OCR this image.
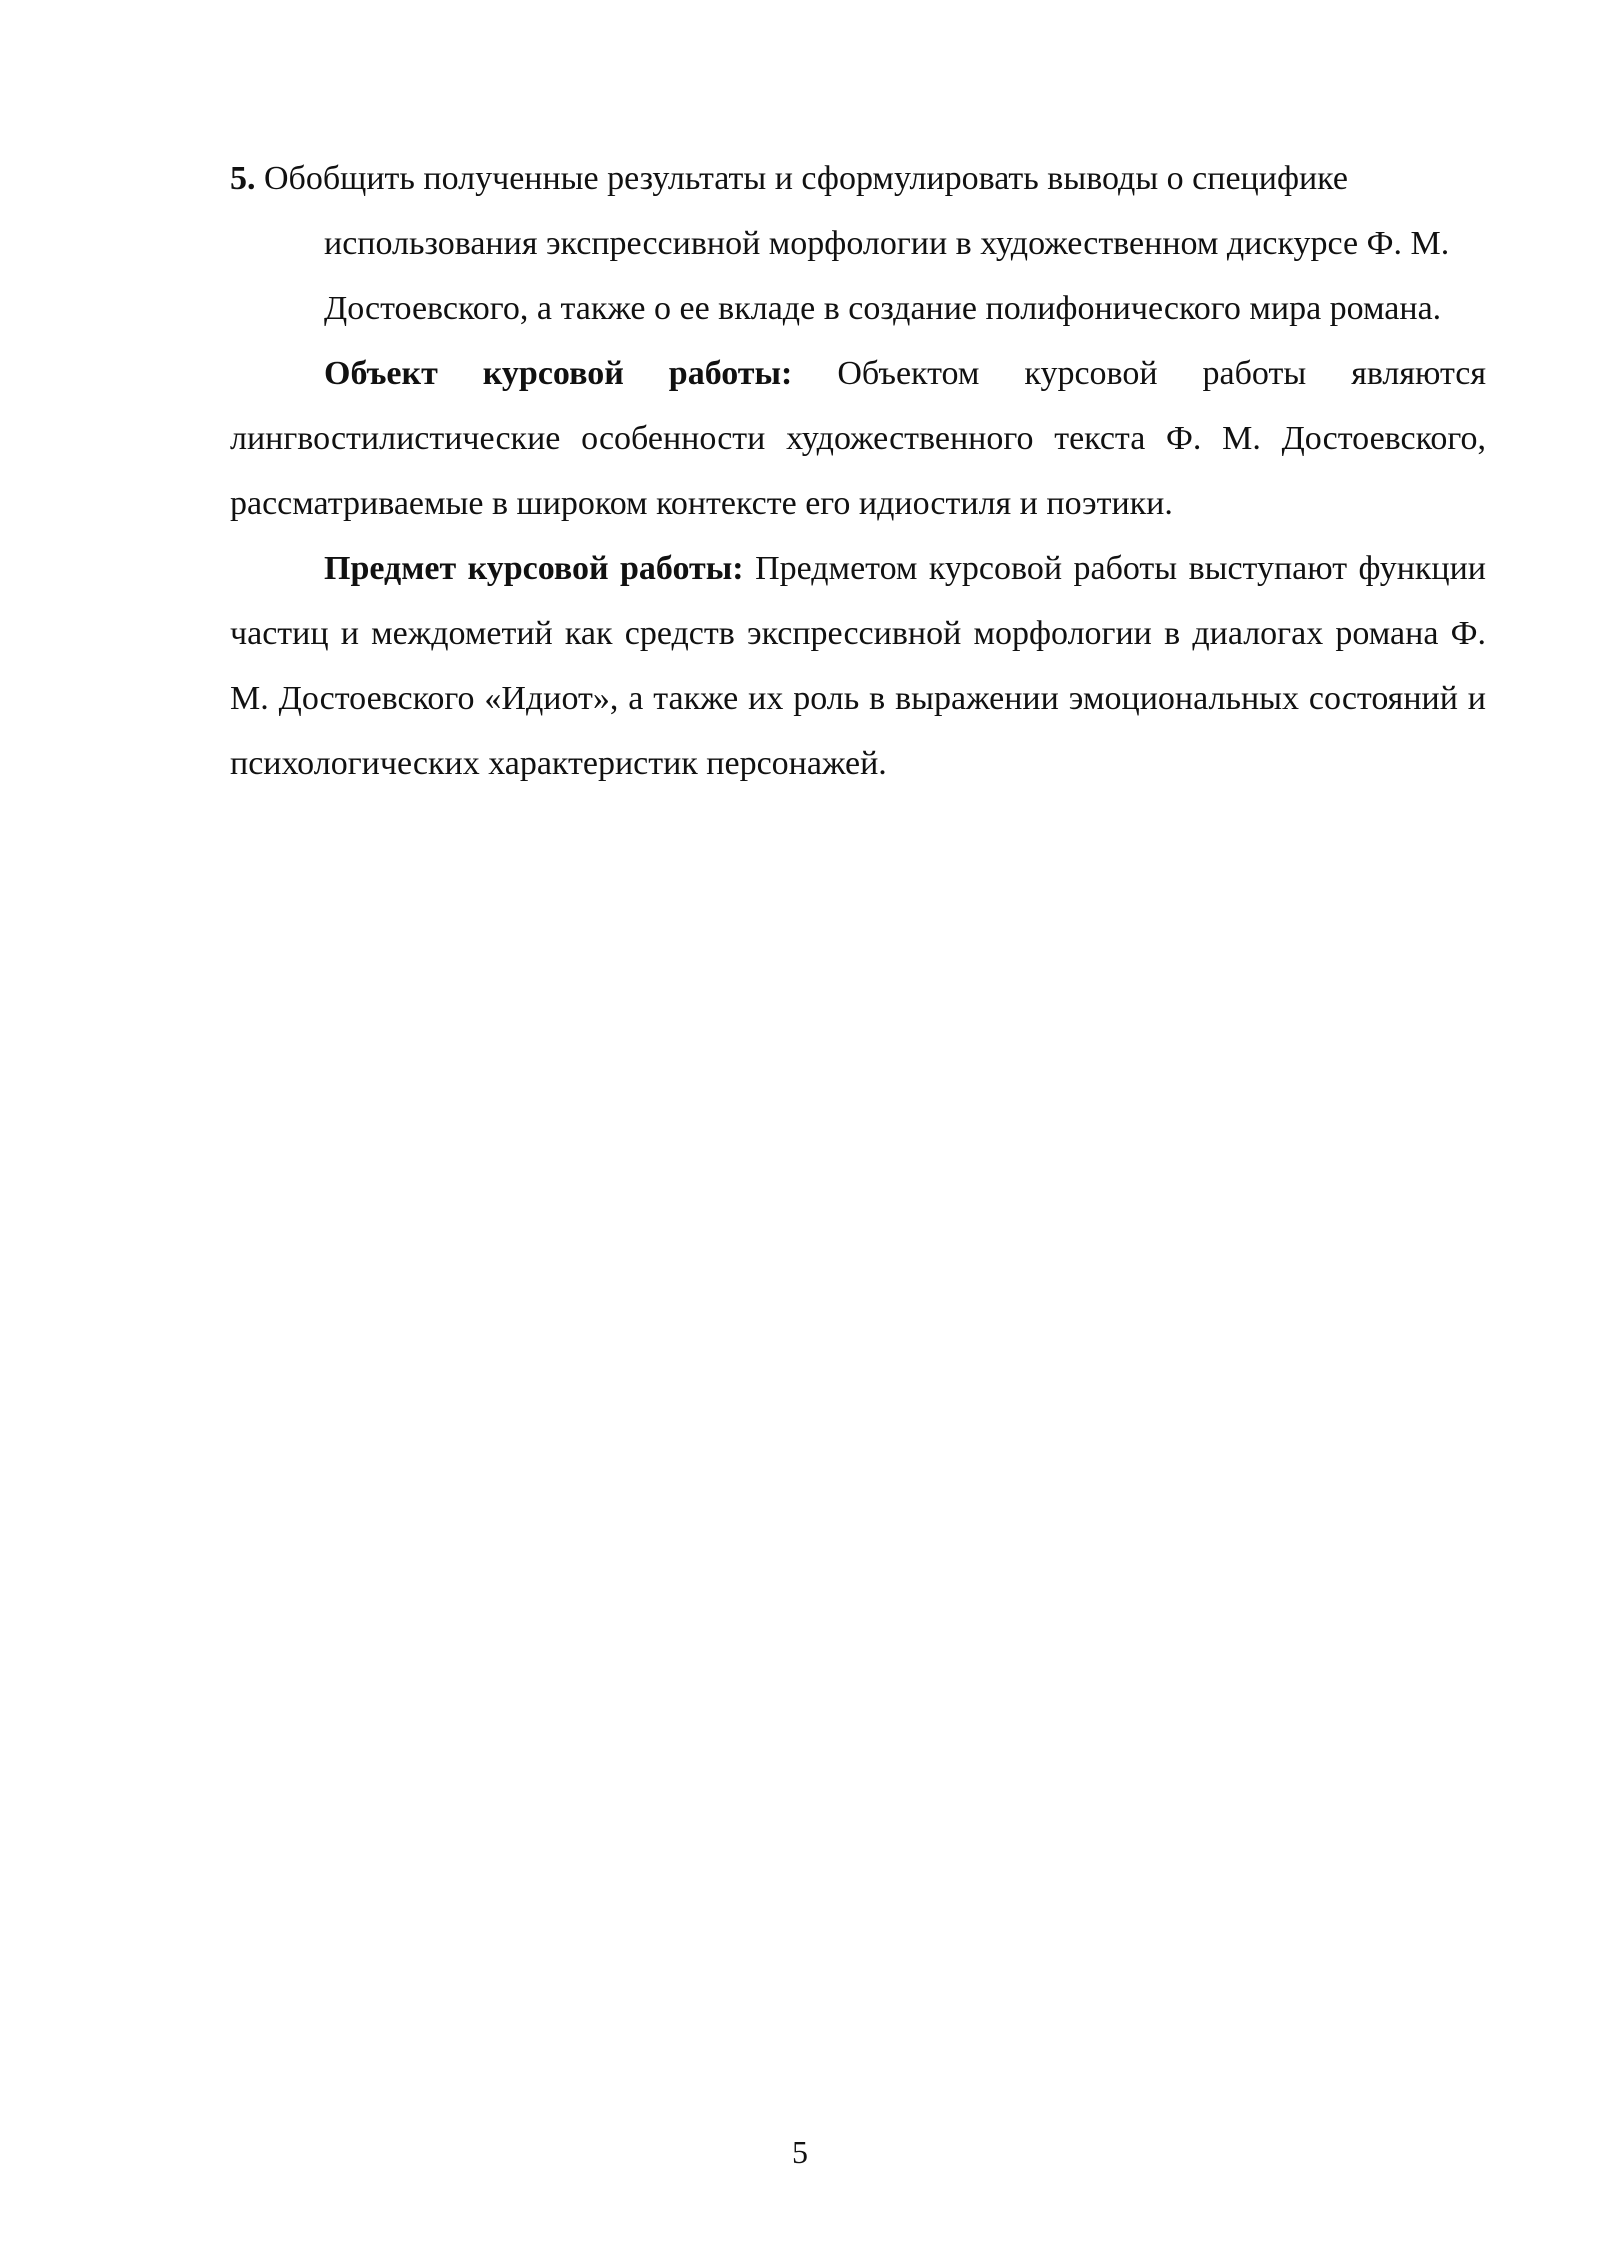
5. Обобщить полученные результаты и сформулировать выводы о специфике использования экспрессивной морфологии в художественном дискурсе Ф. М. Достоевского, а также о ее вкладе в создание полифонического мира романа.

Объект курсовой работы: Объектом курсовой работы являются лингвостилистические особенности художественного текста Ф. М. Достоевского, рассматриваемые в широком контексте его идиостиля и поэтики.

Предмет курсовой работы: Предметом курсовой работы выступают функции частиц и междометий как средств экспрессивной морфологии в диалогах романа Ф. М. Достоевского «Идиот», а также их роль в выражении эмоциональных состояний и психологических характеристик персонажей.

5
